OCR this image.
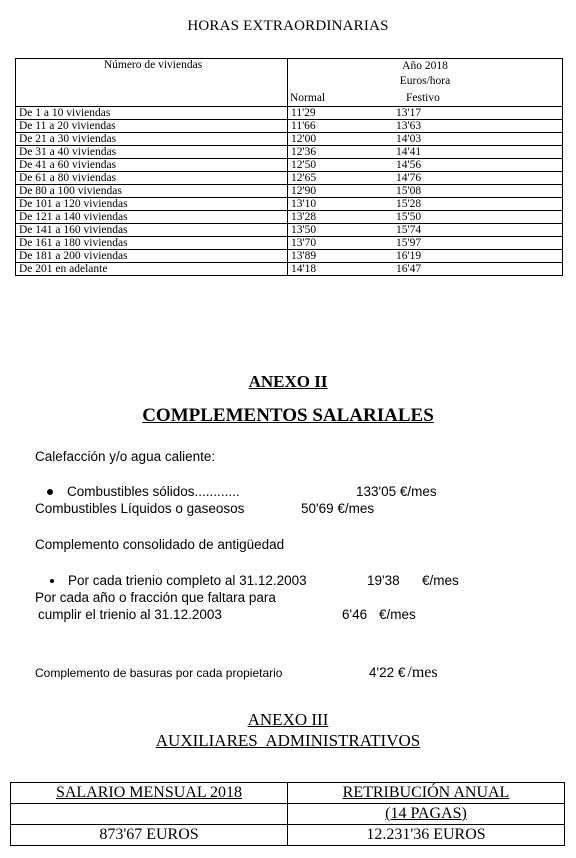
HORAS EXTRAORDINARIAS
Número de viviendas	Año 2018
Euros/hora
Normal Festivo

De 1 a 10 viviendas	11'29 13'17
De 11 a 20 viviendas	11'66 13'63
De 21 a 30 viviendas	12'00 14'03
De 31 a 40 viviendas	12'36 14'41
De 41 a 60 viviendas	12'50 14'56
De 61 a 80 viviendas	12'65 14'76
De 80 a 100 viviendas	12'90 15'08
De 101 a 120 viviendas	13'10 15'28
De 121 a 140 viviendas	13'28 15'50
De 141 a 160 viviendas	13'50 15'74
De 161 a 180 viviendas	13'70 15'97
De 181 a 200 viviendas	13'89 16'19
De 201 en adelante	14'18 16'47
ANEXO II
COMPLEMENTOS SALARIALES
Calefacción y/o agua caliente:
Combustibles sólidos............	133'05 €/mes
Combustibles Líquidos o gaseosos	50'69 €/mes
Complemento consolidado de antigüedad
Por cada trienio completo al 31.12.2003	19'38 €/mes
Por cada año o fracción que faltara para
cumplir el trienio al 31.12.2003	6'46 €/mes
Complemento de basuras por cada propietario	4'22 € /mes
ANEXO III
AUXILIARES  ADMINISTRATIVOS
SALARIO MENSUAL 2018	RETRIBUCIÓN ANUAL
	(14 PAGAS)
873'67 EUROS	12.231'36 EUROS
